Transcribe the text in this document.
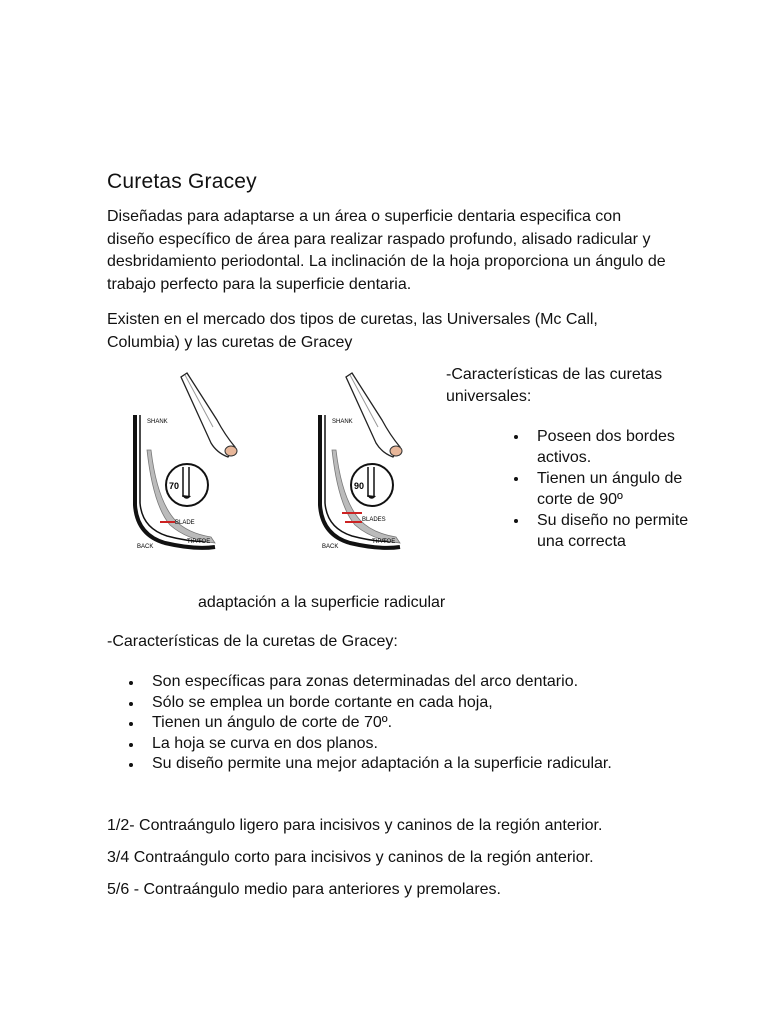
Curetas Gracey

Diseñadas para adaptarse a un área o superficie dentaria especifica con diseño específico de área para realizar raspado profundo, alisado radicular y desbridamiento periodontal. La inclinación de la hoja proporciona un ángulo de trabajo perfecto para la superficie dentaria.

Existen en el mercado dos tipos de curetas, las Universales (Mc Call, Columbia) y las curetas de Gracey

70
SHANK
BLADE
BACK
TIP/TOE
90
SHANK
BLADES
BACK
TIP/TOE

-Características de las curetas universales:

Poseen dos bordes activos.
Tienen un ángulo de corte de 90º
Su diseño no permite una correcta

adaptación a la superficie radicular

-Características de la curetas de Gracey:

Son específicas para zonas determinadas del arco dentario.
Sólo se emplea un borde cortante en cada hoja,
Tienen un ángulo de corte de 70º.
La hoja se curva en dos planos.
Su diseño permite una mejor adaptación a la superficie radicular.

1/2- Contraángulo ligero para incisivos y caninos de la región anterior.

3/4 Contraángulo corto para incisivos y caninos de la región anterior.

5/6 - Contraángulo medio para anteriores y premolares.
